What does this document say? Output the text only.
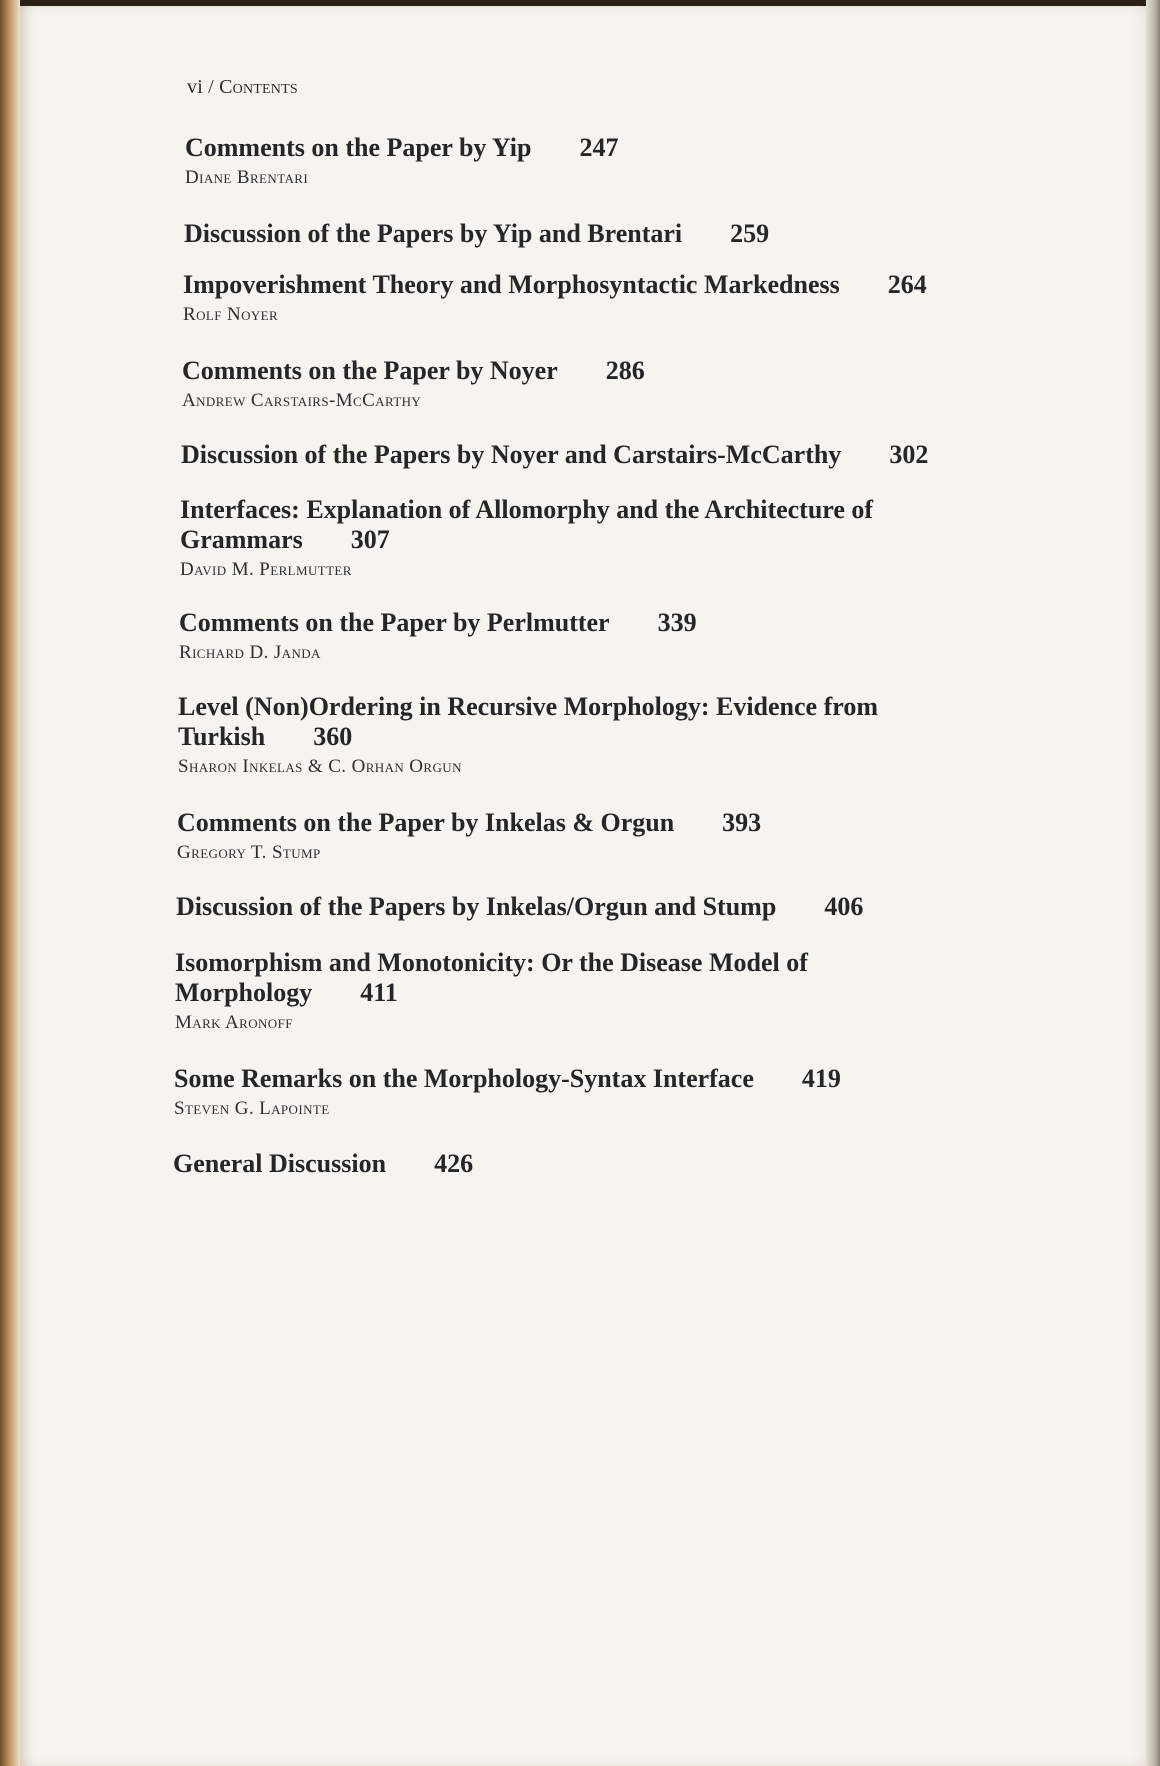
vi / Contents
Comments on the Paper by Yip 247
Diane Brentari
Discussion of the Papers by Yip and Brentari 259
Impoverishment Theory and Morphosyntactic Markedness 264
Rolf Noyer
Comments on the Paper by Noyer 286
Andrew Carstairs-McCarthy
Discussion of the Papers by Noyer and Carstairs-McCarthy 302
Interfaces: Explanation of Allomorphy and the Architecture of
Grammars 307
David M. Perlmutter
Comments on the Paper by Perlmutter 339
Richard D. Janda
Level (Non)Ordering in Recursive Morphology: Evidence from
Turkish 360
Sharon Inkelas & C. Orhan Orgun
Comments on the Paper by Inkelas & Orgun 393
Gregory T. Stump
Discussion of the Papers by Inkelas/Orgun and Stump 406
Isomorphism and Monotonicity: Or the Disease Model of
Morphology 411
Mark Aronoff
Some Remarks on the Morphology-Syntax Interface 419
Steven G. Lapointe
General Discussion 426
